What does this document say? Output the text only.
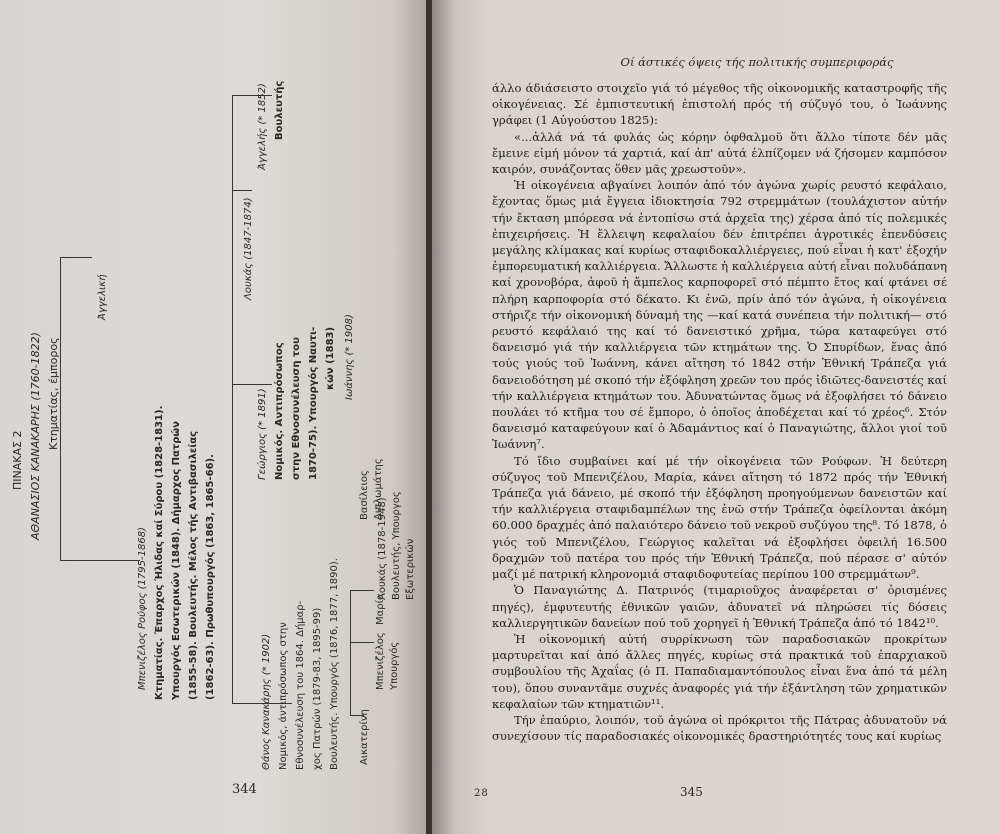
ΠΙΝΑΚΑΣ 2 ΑΘΑΝΑΣΙΟΣ ΚΑΝΑΚΑΡΗΣ (1760-1822) Κτηματίας, έμπορος
Άγγελική
Μπενιζέλος Ρούφος (1795-1868) Κτηματίας. Έπαρχος Ήλιδας καί Σύρου (1828-1831). Υπουργός Εσωτερικών (1848). Δήμαρχος Πατρών (1855-58). Βουλευτής. Μέλος τής Αντιβασιλείας (1862-63). Πρωθυπουργός (1863, 1865-66).
Άγγελής (* 1852) Βουλευτής
Λουκάς (1847-1874)
Γεώργιος (* 1891) Νομικός. Αντιπρόσωπος στην Εθνοσυνέλευση του 1870-75). Υπουργός Ναυτι- κών (1883) Ιωάννης (* 1908)
Βασίλειος Διπλωμάτης
Θάνος Κανακάρης (* 1902) Νομικός, άντιπρόσωπος στην Εθνοσυνέλευση του 1864. Δήμαρ- χος Πατρών (1879-83, 1895-99) Βουλευτής. Υπουργός (1876, 1877, 1890). Αικατερίνη
Μπενιζέλος Υπουργός
Μαρία
Λουκάς (1878-1948) Βουλευτής, Υπουργος Εξωτερικών
344
Οί άστικές όψεις τής πολιτικής συμπεριφοράς

άλλο άδιάσειστο στοιχεῖο γιά τό μέγεθος τῆς οἰκονομικῆς καταστροφῆς τῆς οἰκογένειας. Σέ ἐμπιστευτική ἐπιστολή πρός τή σύζυγό του, ὁ Ἰωάννης γράφει (1 Αὐγούστου 1825):

«...ἀλλά νά τά φυλάς ὡς κόρην ὀφθαλμοῦ ὅτι ἄλλο τίποτε δέν μᾶς ἔμεινε εἰμή μόνον τά χαρτιά, καί ἀπ' αὐτά ἐλπίζομεν νά ζήσομεν καμπόσον καιρόν, συνάζοντας ὅθεν μᾶς χρεωστοῦν».

Ἡ οἰκογένεια αβγαίνει λοιπόν ἀπό τόν ἀγώνα χωρίς ρευστό κεφάλαιο, ἔχοντας ὅμως μιά ἔγγεια ἰδιοκτησία 792 στρεμμάτων (τουλάχιστον αὐτήν τήν ἔκταση μπόρεσα νά ἐντοπίσω στά ἀρχεῖα της) χέρσα ἀπό τίς πολεμικές ἐπιχειρήσεις. Ἡ ἔλλειψη κεφαλαίου δέν ἐπιτρέπει ἀγροτικές ἐπενδύσεις μεγάλης κλίμακας καί κυρίως σταφιδοκαλλιέργειες, πού εἶναι ἡ κατ' ἐξοχήν ἐμπορευματική καλλιέργεια. Ἄλλωστε ἡ καλλιέργεια αὐτή εἶναι πολυδάπανη καί χρονοβόρα, ἀφοῦ ἡ ἄμπελος καρποφορεῖ στό πέμπτο ἔτος καί φτάνει σέ πλήρη καρποφορία στό δέκατο. Κι ἐνῶ, πρίν ἀπό τόν ἀγώνα, ἡ οἰκογένεια στήριζε τήν οἰκονομική δύναμή της —καί κατά συνέπεια τήν πολιτική— στό ρευστό κεφάλαιό της καί τό δανειστικό χρῆμα, τώρα καταφεύγει στό δανεισμό γιά τήν καλλιέργεια τῶν κτημάτων της. Ὁ Σπυρίδων, ἕνας ἀπό τούς γιούς τοῦ Ἰωάννη, κάνει αἴτηση τό 1842 στήν Ἐθνική Τράπεζα γιά δανειοδότηση μέ σκοπό τήν ἐξόφληση χρεῶν του πρός ἰδιῶτες-δανειστές καί τήν καλλιέργεια κτημάτων του. Ἀδυνατώντας ὅμως νά ἐξοφλήσει τό δάνειο πουλάει τό κτῆμα του σέ ἔμπορο, ὁ ὁποῖος ἀποδέχεται καί τό χρέος⁶. Στόν δανεισμό καταφεύγουν καί ὁ Ἀδαμάντιος καί ὁ Παναγιώτης, ἄλλοι γιοί τοῦ Ἰωάννη⁷.

Τό ἴδιο συμβαίνει καί μέ τήν οἰκογένεια τῶν Ρούφων. Ἡ δεύτερη σύζυγος τοῦ Μπενιζέλου, Μαρία, κάνει αἴτηση τό 1872 πρός τήν Ἐθνική Τράπεζα γιά δάνειο, μέ σκοπό τήν ἐξόφληση προηγούμενων δανειστῶν καί τήν καλλιέργεια σταφιδαμπέλων της ἐνῶ στήν Τράπεζα ὀφείλονται ἀκόμη 60.000 δραχμές ἀπό παλαιότερο δάνειο τοῦ νεκροῦ συζύγου της⁸. Τό 1878, ὁ γιός τοῦ Μπενιζέλου, Γεώργιος καλεῖται νά ἐξοφλήσει ὀφειλή 16.500 δραχμῶν τοῦ πατέρα του πρός τήν Ἐθνική Τράπεζα, πού πέρασε σ' αὐτόν μαζί μέ πατρική κληρονομιά σταφιδοφυτείας περίπου 100 στρεμμάτων⁹.

Ὁ Παναγιώτης Δ. Πατρινός (τιμαριοῦχος ἀναφέρεται σ' ὁρισμένες πηγές), ἐμφυτευτής ἐθνικῶν γαιῶν, ἀδυνατεῖ νά πληρώσει τίς δόσεις καλλιεργητικῶν δανείων πού τοῦ χορηγεῖ ἡ Ἐθνική Τράπεζα ἀπό τό 1842¹⁰.

Ἡ οἰκονομική αὐτή συρρίκνωση τῶν παραδοσιακῶν προκρίτων μαρτυρεῖται καί ἀπό ἄλλες πηγές, κυρίως στά πρακτικά τοῦ ἐπαρχιακοῦ συμβουλίου τῆς Ἀχαΐας (ὁ Π. Παπαδιαμαντόπουλος εἶναι ἕνα ἀπό τά μέλη του), ὅπου συναντᾶμε συχνές ἀναφορές γιά τήν ἐξάντληση τῶν χρηματικῶν κεφαλαίων τῶν κτηματιῶν¹¹.

Τήν ἐπαύριο, λοιπόν, τοῦ ἀγώνα οἱ πρόκριτοι τῆς Πάτρας ἀδυνατοῦν νά συνεχίσουν τίς παραδοσιακές οἰκονομικές δραστηριότητές τους καί κυρίως

28	345
